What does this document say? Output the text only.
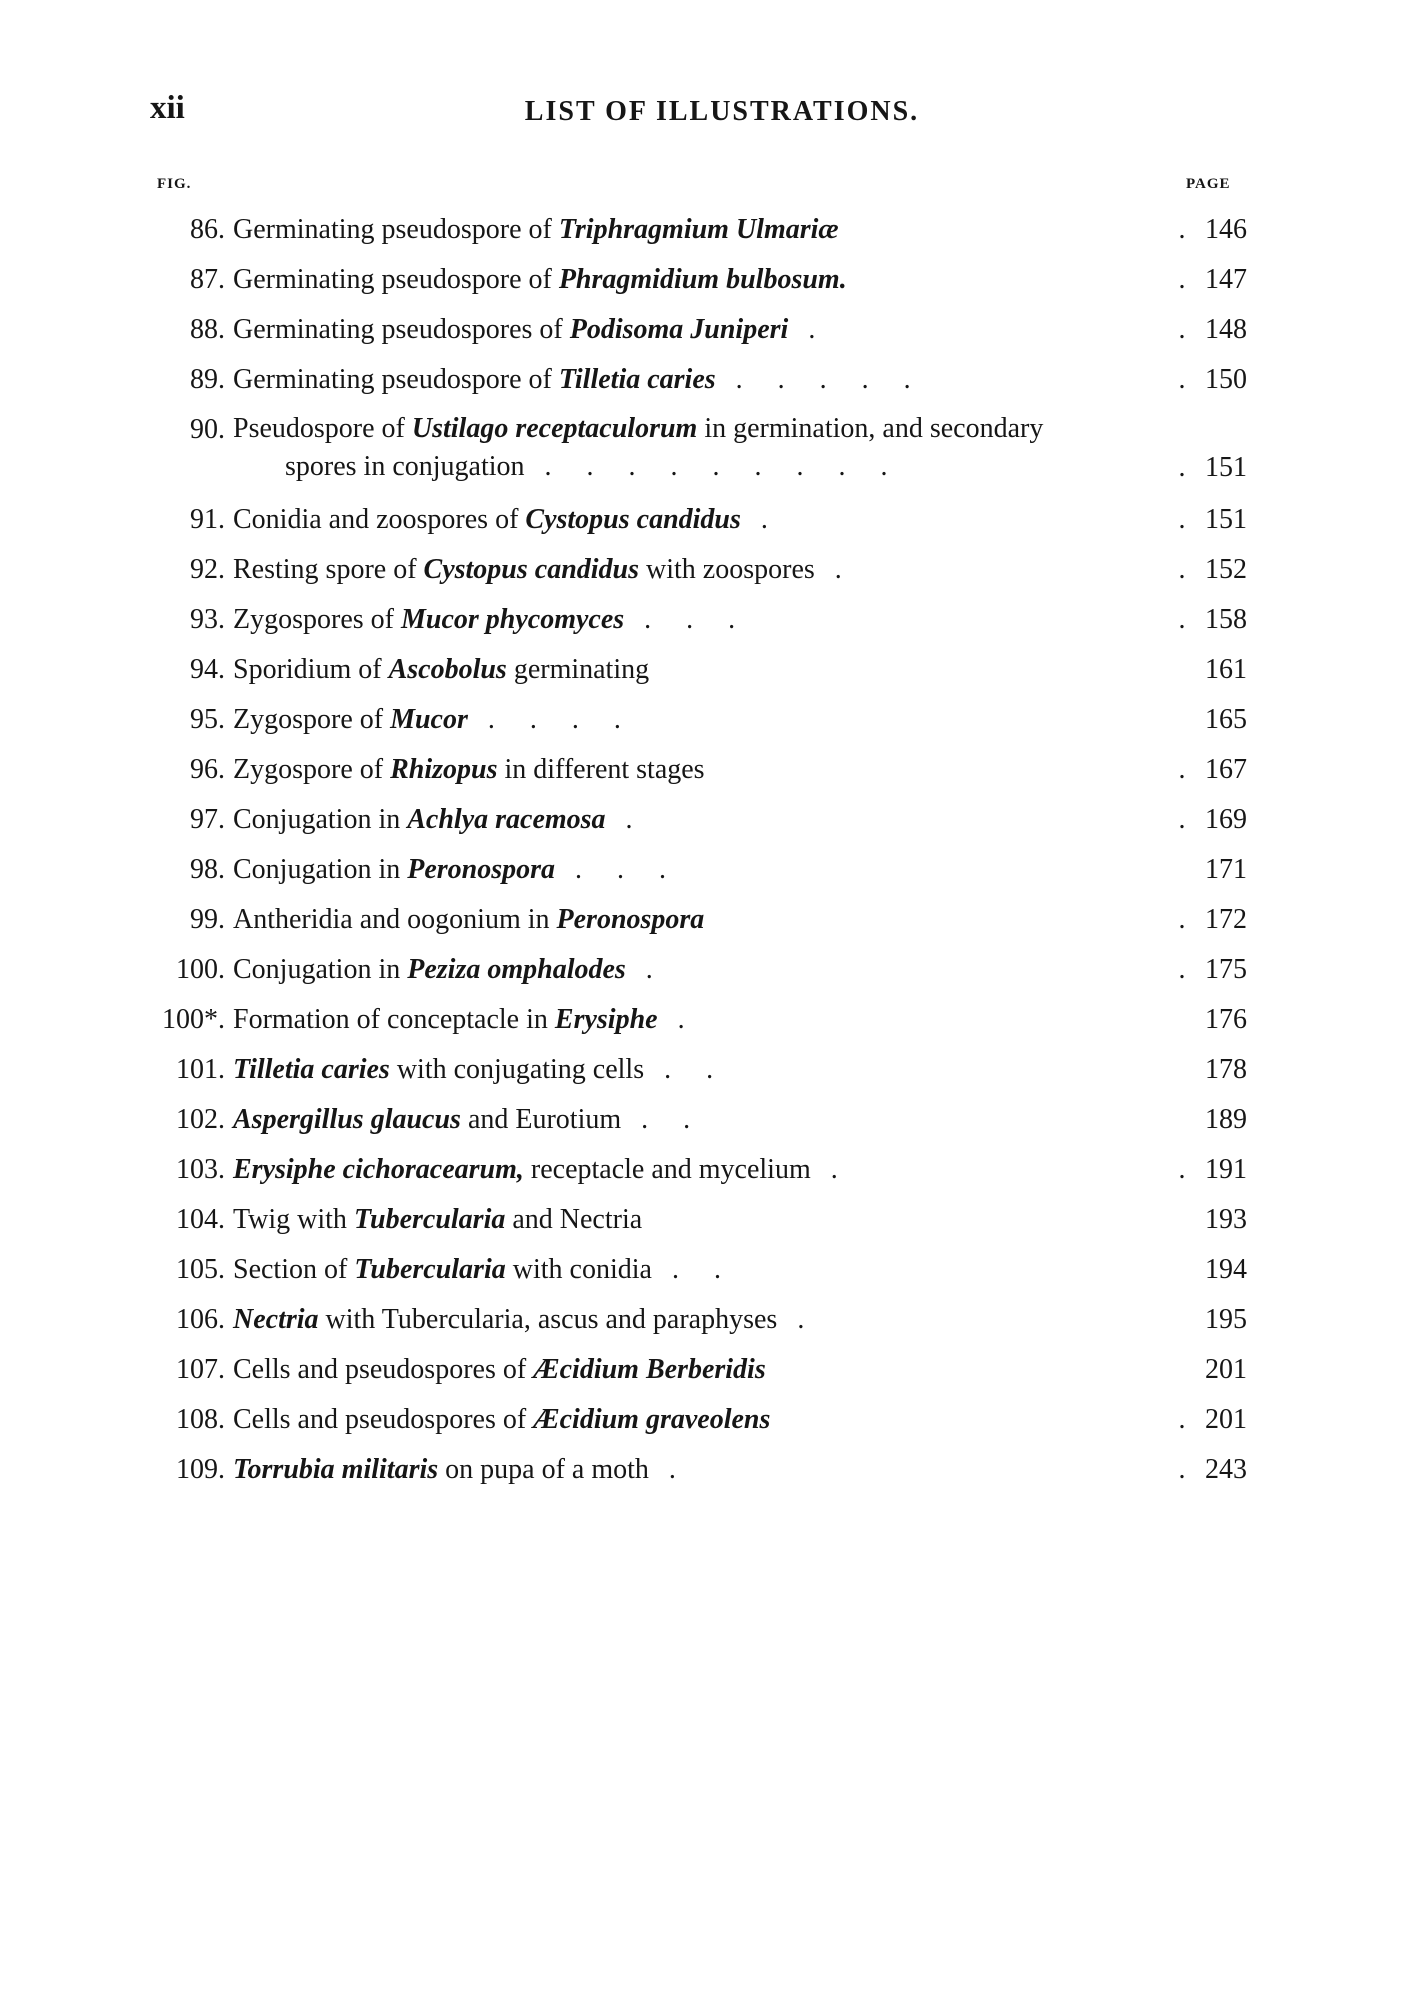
xii	LIST OF ILLUSTRATIONS.
FIG.	PAGE
86. Germinating pseudospore of Triphragmium Ulmariæ	. 146
87. Germinating pseudospore of Phragmidium bulbosum.	. 147
88. Germinating pseudospores of Podisoma Juniperi .	. 148
89. Germinating pseudospore of Tilletia caries . . . . .	. 150
90. Pseudospore of Ustilago receptaculorum in germination, and secondary
spores in conjugation . . . . . . . . .	. 151
91. Conidia and zoospores of Cystopus candidus .	. 151
92. Resting spore of Cystopus candidus with zoospores .	. 152
93. Zygospores of Mucor phycomyces . . .	. 158
94. Sporidium of Ascobolus germinating	161
95. Zygospore of Mucor . . . .	165
96. Zygospore of Rhizopus in different stages	. 167
97. Conjugation in Achlya racemosa .	. 169
98. Conjugation in Peronospora . . .	171
99. Antheridia and oogonium in Peronospora	. 172
100. Conjugation in Peziza omphalodes .	. 175
100*. Formation of conceptacle in Erysiphe .	176
101. Tilletia caries with conjugating cells . .	178
102. Aspergillus glaucus and Eurotium . .	189
103. Erysiphe cichoracearum, receptacle and mycelium .	. 191
104. Twig with Tubercularia and Nectria	193
105. Section of Tubercularia with conidia . .	194
106. Nectria with Tubercularia, ascus and paraphyses .	195
107. Cells and pseudospores of Æcidium Berberidis	201
108. Cells and pseudospores of Æcidium graveolens	. 201
109. Torrubia militaris on pupa of a moth .	. 243
